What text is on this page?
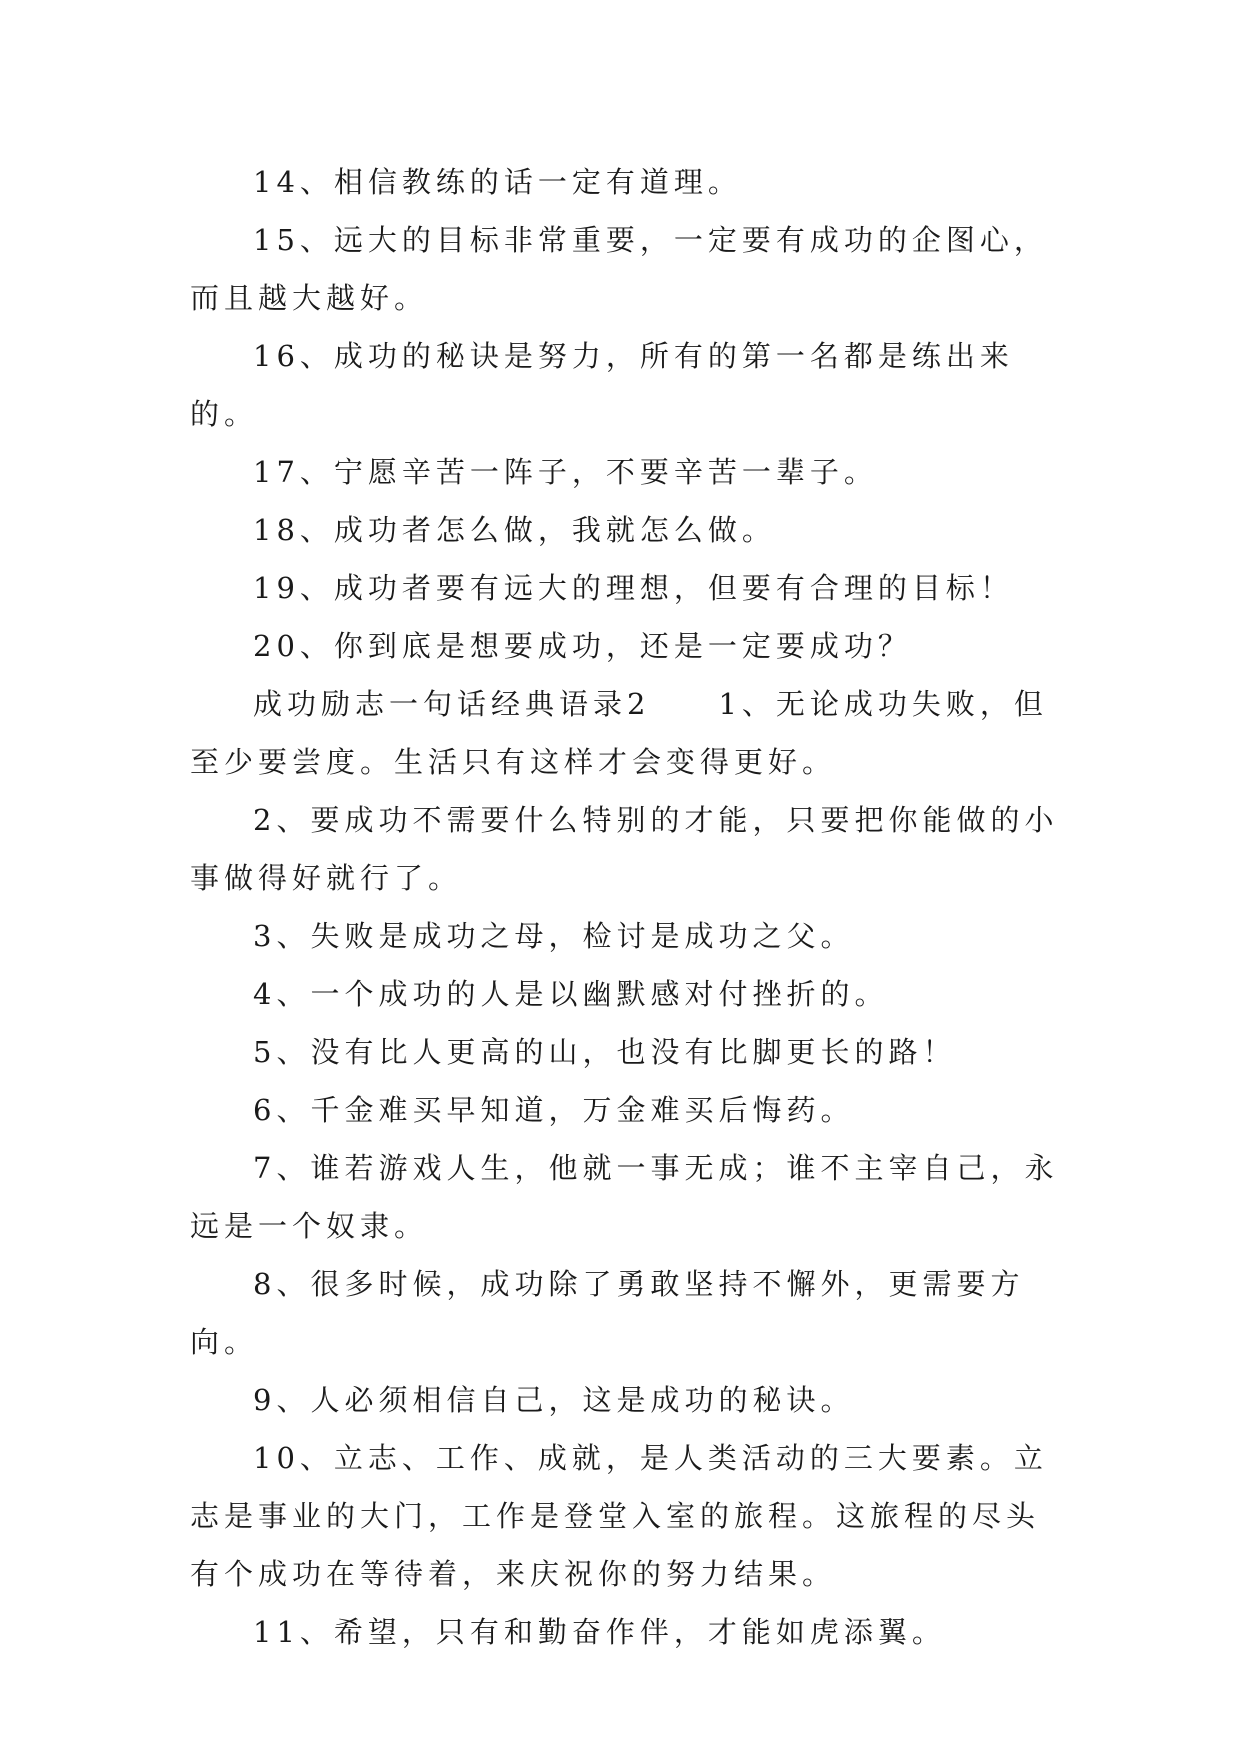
14、相信教练的话一定有道理。

15、远大的目标非常重要，一定要有成功的企图心，而且越大越好。

16、成功的秘诀是努力，所有的第一名都是练出来的。

17、宁愿辛苦一阵子，不要辛苦一辈子。

18、成功者怎么做，我就怎么做。

19、成功者要有远大的理想，但要有合理的目标！

20、你到底是想要成功，还是一定要成功？

成功励志一句话经典语录2　　1、无论成功失败，但至少要尝度。生活只有这样才会变得更好。

2、要成功不需要什么特别的才能，只要把你能做的小事做得好就行了。

3、失败是成功之母，检讨是成功之父。

4、一个成功的人是以幽默感对付挫折的。

5、没有比人更高的山，也没有比脚更长的路！

6、千金难买早知道，万金难买后悔药。

7、谁若游戏人生，他就一事无成；谁不主宰自己，永远是一个奴隶。

8、很多时候，成功除了勇敢坚持不懈外，更需要方向。

9、人必须相信自己，这是成功的秘诀。

10、立志、工作、成就，是人类活动的三大要素。立志是事业的大门，工作是登堂入室的旅程。这旅程的尽头有个成功在等待着，来庆祝你的努力结果。

11、希望，只有和勤奋作伴，才能如虎添翼。
